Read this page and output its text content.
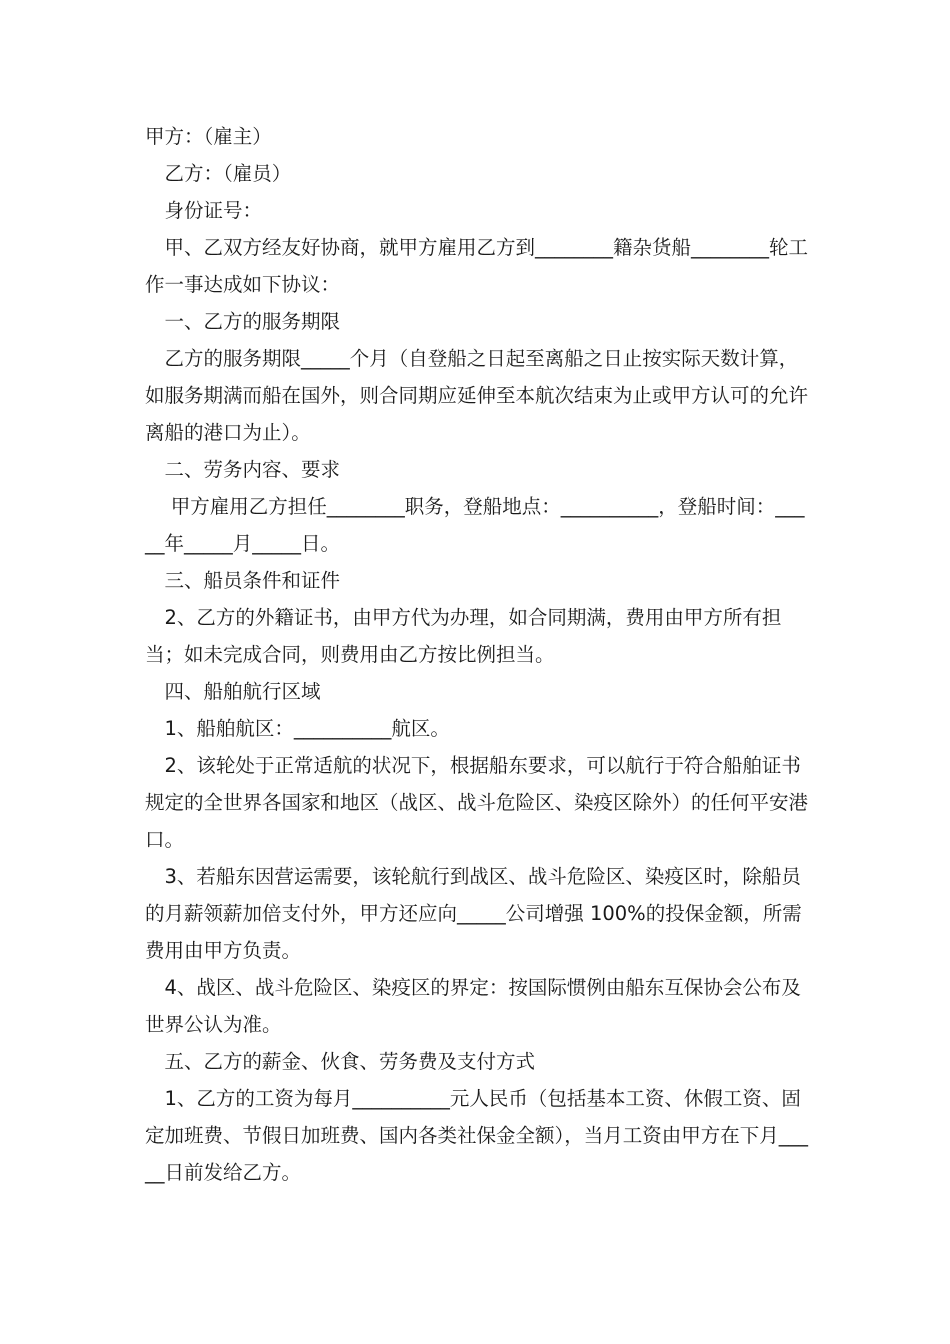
甲方：（雇主）

　乙方：（雇员）

　身份证号：

　甲、乙双方经友好协商，就甲方雇用乙方到________籍杂货船________轮工作一事达成如下协议：

　一、乙方的服务期限

　乙方的服务期限_____个月（自登船之日起至离船之日止按实际天数计算，如服务期满而船在国外，则合同期应延伸至本航次结束为止或甲方认可的允许离船的港口为止）。

　二、劳务内容、要求

　 甲方雇用乙方担任________职务，登船地点：__________，登船时间：_____年_____月_____日。

　三、船员条件和证件

　2、乙方的外籍证书，由甲方代为办理，如合同期满，费用由甲方所有担当；如未完成合同，则费用由乙方按比例担当。

　四、船舶航行区域

　1、船舶航区：__________航区。

　2、该轮处于正常适航的状况下，根据船东要求，可以航行于符合船舶证书规定的全世界各国家和地区（战区、战斗危险区、染疫区除外）的任何平安港口。

　3、若船东因营运需要，该轮航行到战区、战斗危险区、染疫区时，除船员的月薪领薪加倍支付外，甲方还应向_____公司增强 100%的投保金额，所需费用由甲方负责。

　4、战区、战斗危险区、染疫区的界定：按国际惯例由船东互保协会公布及世界公认为准。

　五、乙方的薪金、伙食、劳务费及支付方式

　1、乙方的工资为每月__________元人民币（包括基本工资、休假工资、固定加班费、节假日加班费、国内各类社保金全额），当月工资由甲方在下月_____日前发给乙方。
